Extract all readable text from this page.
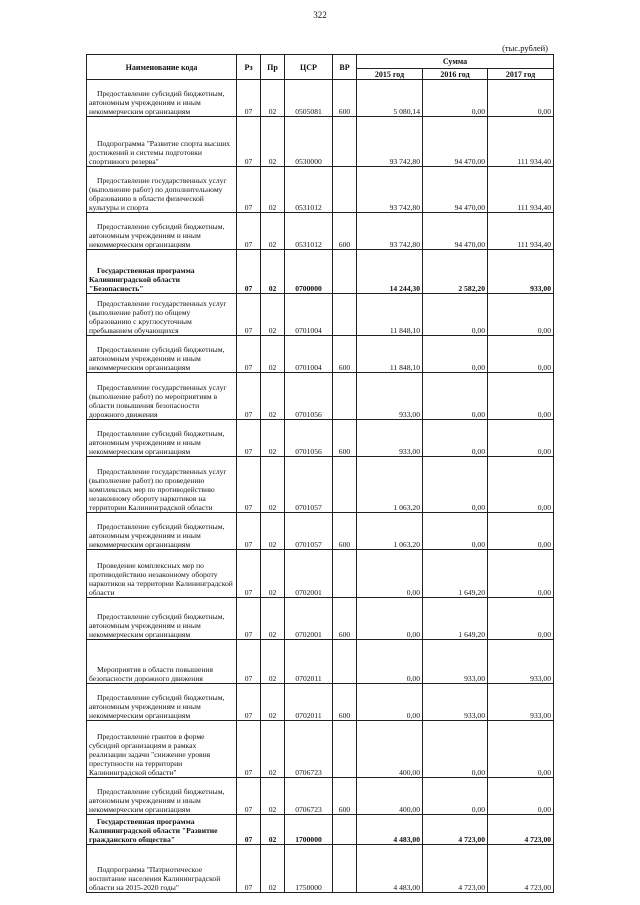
322
(тыс.рублей)
Наименование кода	Рз	Пр	ЦСР	ВР	Сумма		
					2015 год	2016 год	2017 год
Предоставление субсидий бюджетным, автономным учреждениям и иным некоммерческим организациям	07	02	0505081	600	5 080,14	0,00	0,00
Подпрограмма "Развитие спорта высших достижений и системы подготовки спортивного резерва"	07	02	0530000		93 742,80	94 470,00	111 934,40
Предоставление государственных услуг (выполнение работ) по дополнительному образованию в области физической культуры и спорта	07	02	0531012		93 742,80	94 470,00	111 934,40
Предоставление субсидий бюджетным, автономным учреждениям и иным некоммерческим организациям	07	02	0531012	600	93 742,80	94 470,00	111 934,40
Государственная программа Калининградской области "Безопасность"	07	02	0700000		14 244,30	2 582,20	933,00
Предоставление государственных услуг (выполнение работ) по общему образованию с круглосуточным пребыванием обучающихся	07	02	0701004		11 848,10	0,00	0,00
Предоставление субсидий бюджетным, автономным учреждениям и иным некоммерческим организациям	07	02	0701004	600	11 848,10	0,00	0,00
Предоставление государственных услуг (выполнение работ) по мероприятиям в области повышения безопасности дорожного движения	07	02	0701056		933,00	0,00	0,00
Предоставление субсидий бюджетным, автономным учреждениям и иным некоммерческим организациям	07	02	0701056	600	933,00	0,00	0,00
Предоставление государственных услуг (выполнение работ) по проведению комплексных мер по противодействию незаконному обороту наркотиков на территории Калининградской области	07	02	0701057		1 063,20	0,00	0,00
Предоставление субсидий бюджетным, автономным учреждениям и иным некоммерческим организациям	07	02	0701057	600	1 063,20	0,00	0,00
Проведение комплексных мер по противодействию незаконному обороту наркотиков на территории Калининградской области	07	02	0702001		0,00	1 649,20	0,00
Предоставление субсидий бюджетным, автономным учреждениям и иным некоммерческим организациям	07	02	0702001	600	0,00	1 649,20	0,00
Мероприятия в области повышения безопасности дорожного движения	07	02	0702011		0,00	933,00	933,00
Предоставление субсидий бюджетным, автономным учреждениям и иным некоммерческим организациям	07	02	0702011	600	0,00	933,00	933,00
Предоставление грантов в форме субсидий организациям в рамках реализации задачи "снижение уровня преступности на территории Калининградской области"	07	02	0706723		400,00	0,00	0,00
Предоставление субсидий бюджетным, автономным учреждениям и иным некоммерческим организациям	07	02	0706723	600	400,00	0,00	0,00
Государственная программа Калининградской области "Развитие гражданского общества"	07	02	1700000		4 483,00	4 723,00	4 723,00
Подпрограмма "Патриотическое воспитание населения Калининградской области на 2015-2020 годы"	07	02	1750000		4 483,00	4 723,00	4 723,00
